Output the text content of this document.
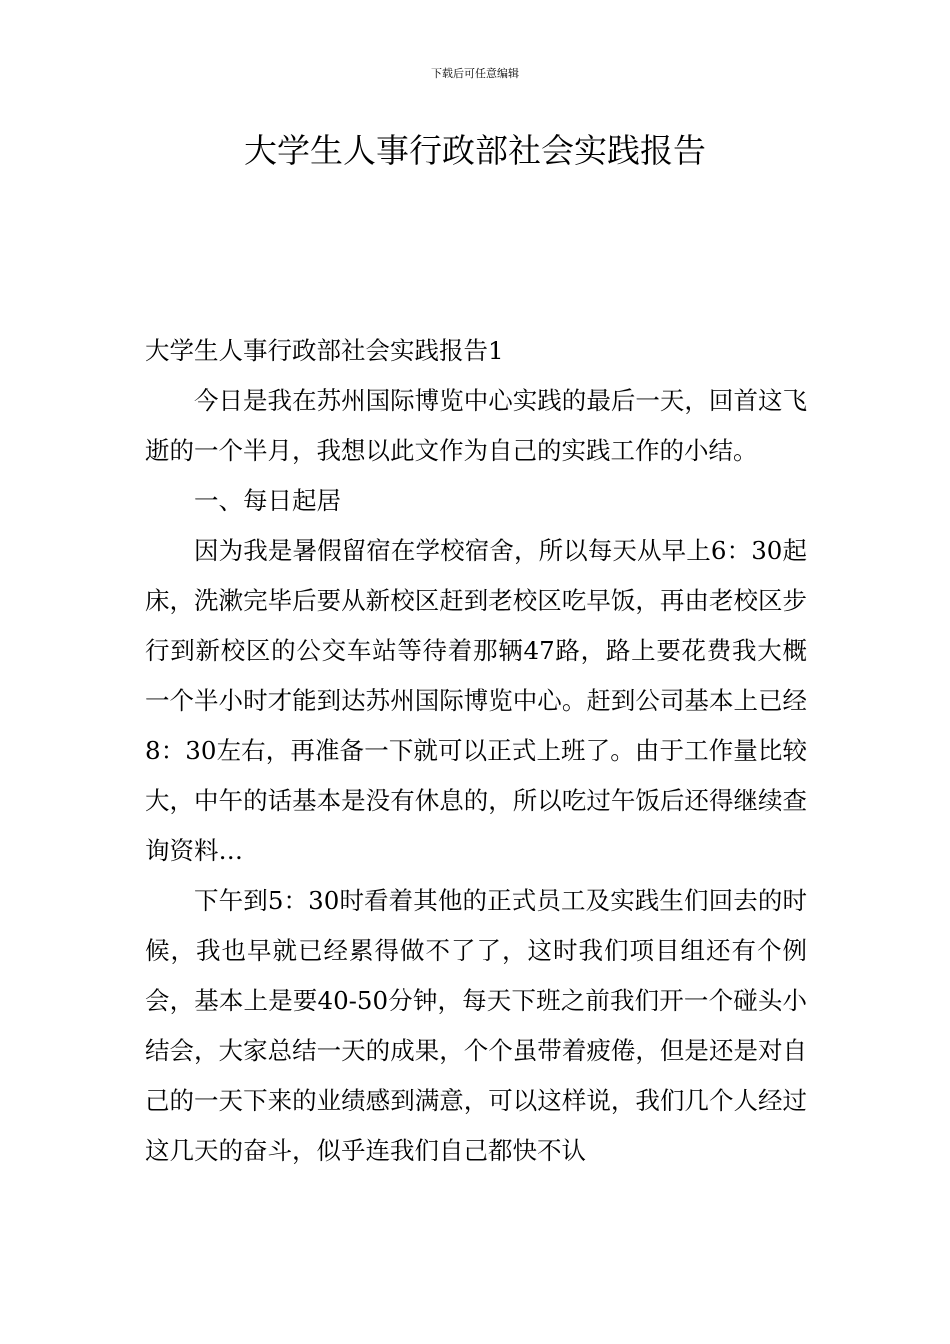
下载后可任意编辑
大学生人事行政部社会实践报告

大学生人事行政部社会实践报告1

今日是我在苏州国际博览中心实践的最后一天，回首这飞逝的一个半月，我想以此文作为自己的实践工作的小结。

一、每日起居

因为我是暑假留宿在学校宿舍，所以每天从早上6：30起床，洗漱完毕后要从新校区赶到老校区吃早饭，再由老校区步行到新校区的公交车站等待着那辆47路，路上要花费我大概一个半小时才能到达苏州国际博览中心。赶到公司基本上已经8：30左右，再准备一下就可以正式上班了。由于工作量比较大，中午的话基本是没有休息的，所以吃过午饭后还得继续查询资料…

下午到5：30时看着其他的正式员工及实践生们回去的时候，我也早就已经累得做不了了，这时我们项目组还有个例会，基本上是要40-50分钟，每天下班之前我们开一个碰头小结会，大家总结一天的成果，个个虽带着疲倦，但是还是对自己的一天下来的业绩感到满意，可以这样说，我们几个人经过这几天的奋斗，似乎连我们自己都快不认
